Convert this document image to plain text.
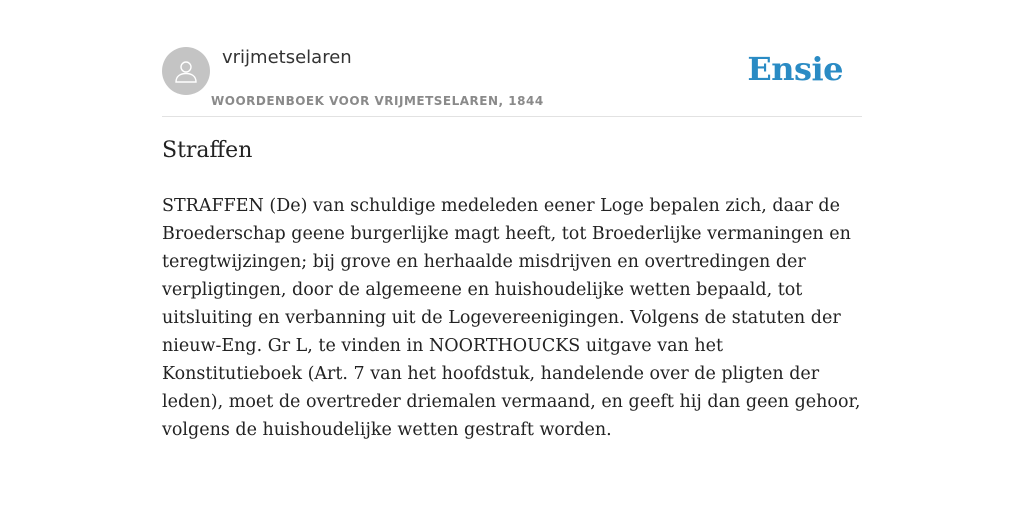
vrijmetselaren
WOORDENBOEK VOOR VRIJMETSELAREN, 1844
Ensie
Straffen

STRAFFEN (De) van schuldige medeleden eener Loge bepalen zich, daar de Broederschap geene burgerlijke magt heeft, tot Broederlijke vermaningen en teregtwijzingen; bij grove en herhaalde misdrijven en overtredingen der verpligtingen, door de algemeene en huishoudelijke wetten bepaald, tot uitsluiting en verbanning uit de Logevereenigingen. Volgens de statuten der nieuw-Eng. Gr L, te vinden in NOORTHOUCKS uitgave van het Konstitutieboek (Art. 7 van het hoofdstuk, handelende over de pligten der leden), moet de overtreder driemalen vermaand, en geeft hij dan geen gehoor, volgens de huishoudelijke wetten gestraft worden.
